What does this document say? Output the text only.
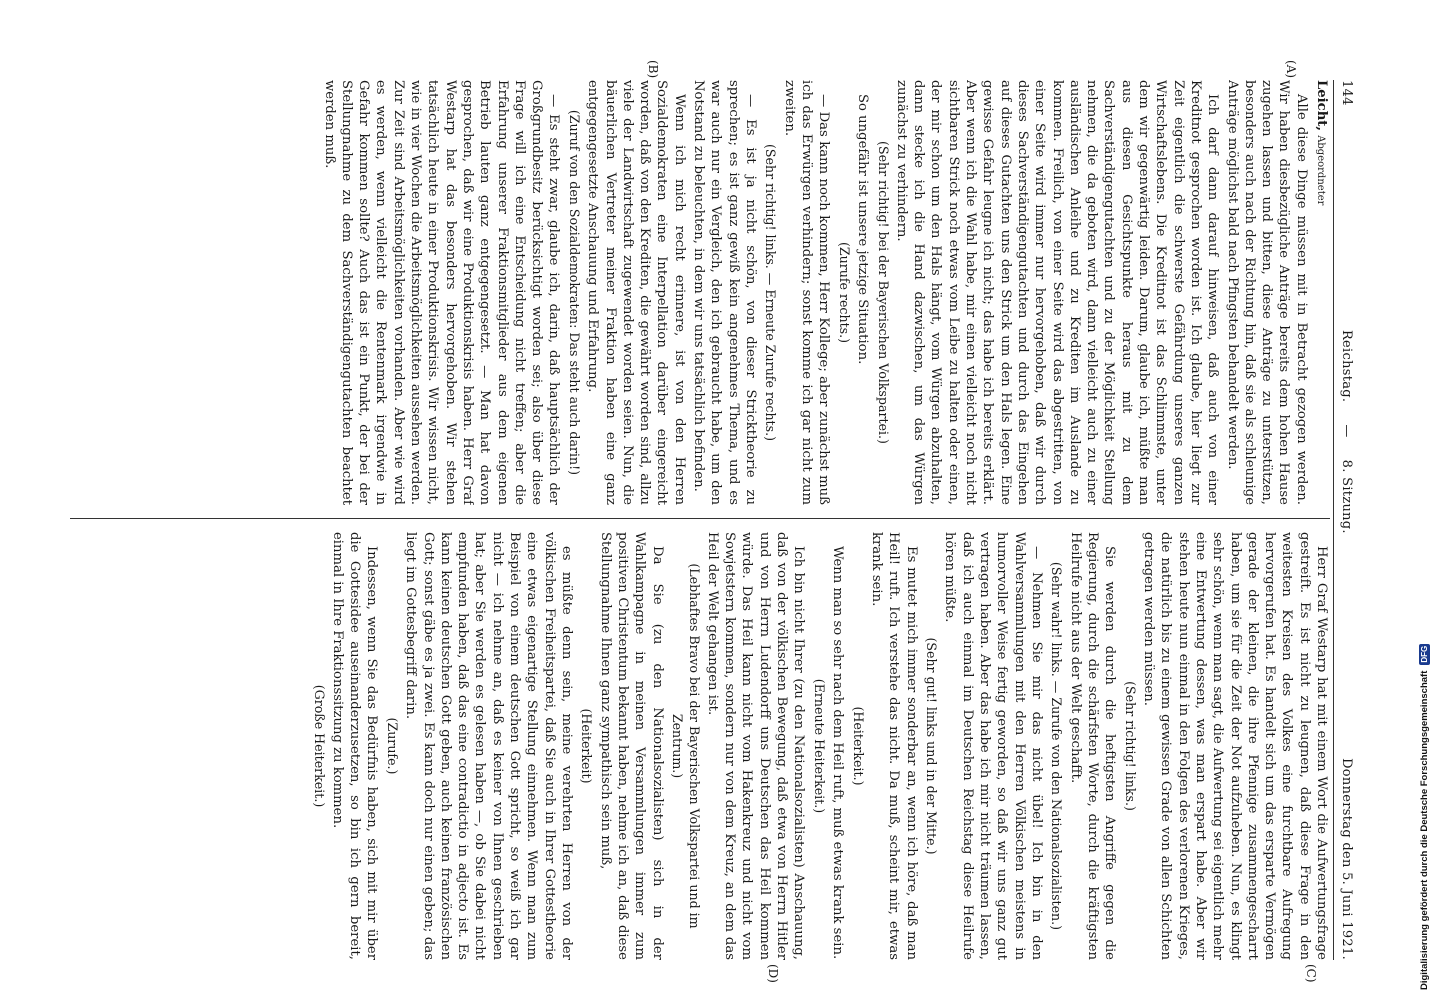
144
Reichstag.
—
8. Sitzung.
Donnerstag den 5. Juni 1921.
(A)
(B)
(C)
(D)

Leicht, Abgeordneter

Alle diese Dinge müssen mit in Betracht gezogen werden. Wir haben diesbezügliche Anträge bereits dem hohen Hause zugehen lassen und bitten, diese Anträge zu unterstützen, besonders auch nach der Richtung hin, daß sie als schleunige Anträge möglichst bald nach Pfingsten behandelt werden.

Ich darf dann darauf hinweisen, daß auch von einer Kreditnot gesprochen worden ist. Ich glaube, hier liegt zur Zeit eigentlich die schwerste Gefährdung unseres ganzen Wirtschaftslebens. Die Kreditnot ist das Schlimmste, unter dem wir gegenwärtig leiden. Darum, glaube ich, müßte man aus diesen Gesichtspunkte heraus mit zu dem Sachverständigengutachten und zu der Möglichkeit Stellung nehmen, die da geboten wird, dann vielleicht auch zu einer ausländischen Anleihe und zu Krediten im Auslande zu kommen. Freilich, von einer Seite wird das abgestritten, von einer Seite wird immer nur hervorgehoben, daß wir durch dieses Sachverständigengutachten und durch das Eingehen auf dieses Gutachten uns den Strick um den Hals legen. Eine gewisse Gefahr leugne ich nicht; das habe ich bereits erklärt. Aber wenn ich die Wahl habe, mir einen vielleicht noch nicht sichtbaren Strick noch etwas vom Leibe zu halten oder einen, der mir schon um den Hals hängt, vom Würgen abzuhalten, dann stecke ich die Hand dazwischen, um das Würgen zunächst zu verhindern.

(Sehr richtig! bei der Bayerischen Volkspartei.)

So ungefähr ist unsere jetzige Situation.

(Zurufe rechts.)

— Das kann noch kommen, Herr Kollege; aber zunächst muß ich das Erwürgen verhindern; sonst komme ich gar nicht zum zweiten.

(Sehr richtig! links. — Erneute Zurufe rechts.)

— Es ist ja nicht schön, von dieser Stricktheorie zu sprechen; es ist ganz gewiß kein angenehmes Thema, und es war auch nur ein Vergleich, den ich gebraucht habe, um den Notstand zu beleuchten, in dem wir uns tatsächlich befinden.

Wenn ich mich recht erinnere, ist von den Herren Sozialdemokraten eine Interpellation darüber eingereicht worden, daß von den Krediten, die gewährt worden sind, allzu viele der Landwirtschaft zugewendet worden seien. Nun, die bäuerlichen Vertreter meiner Fraktion haben eine ganz entgegengesetzte Anschauung und Erfahrung.

(Zuruf von den Sozialdemokraten: Das steht auch darin!)

— Es steht zwar, glaube ich, darin, daß hauptsächlich der Großgrundbesitz berücksichtigt worden sei; also über diese Frage will ich eine Entscheidung nicht treffen; aber die Erfahrung unserer Fraktionsmitglieder aus dem eigenen Betrieb lauten ganz entgegengesetzt. — Man hat davon gesprochen, daß wir eine Produktionskrisis haben. Herr Graf Westarp hat das besonders hervorgehoben. Wir stehen tatsächlich heute in einer Produktionskrisis. Wir wissen nicht, wie in vier Wochen die Arbeitsmöglichkeiten aussehen werden. Zur Zeit sind Arbeitsmöglichkeiten vorhanden. Aber wie wird es werden, wenn vielleicht die Rentenmark irgendwie in Gefahr kommen sollte? Auch das ist ein Punkt, der bei der Stellungnahme zu dem Sachverständigengutachten beachtet werden muß.

Herr Graf Westarp hat mit einem Wort die Aufwertungsfrage gestreift. Es ist nicht zu leugnen, daß diese Frage in den weitesten Kreisen des Volkes eine furchtbare Aufregung hervorgerufen hat. Es handelt sich um das ersparte Vermögen gerade der kleinen, die ihre Pfennige zusammengescharrt haben, um sie für die Zeit der Not aufzuheben. Nun, es klingt sehr schön, wenn man sagt, die Aufwertung sei eigentlich mehr eine Entwertung dessen, was man erspart habe. Aber wir stehen heute nun einmal in den Folgen des verlorenen Krieges, die natürlich bis zu einem gewissen Grade von allen Schichten getragen werden müssen.

(Sehr richtig! links.)

Sie werden durch die heftigsten Angriffe gegen die Regierung, durch die schärfsten Worte, durch die kräftigsten Heilrufe nicht aus der Welt geschafft.

(Sehr wahr! links. — Zurufe von den Nationalsozialisten.)

— Nehmen Sie mir das nicht übel! Ich bin in den Wahlversammlungen mit den Herren Völkischen meistens in humorvoller Weise fertig geworden, so daß wir uns ganz gut vertragen haben. Aber das habe ich mir nicht träumen lassen, daß ich auch einmal im Deutschen Reichstag diese Heilrufe hören müßte.

(Sehr gut! links und in der Mitte.)

Es mutet mich immer sonderbar an, wenn ich höre, daß man Heil! ruft. Ich verstehe das nicht. Da muß, scheint mir, etwas krank sein.

(Heiterkeit.)

Wenn man so sehr nach dem Heil ruft, muß etwas krank sein.

(Erneute Heiterkeit.)

Ich bin nicht Ihrer (zu den Nationalsozialisten) Anschauung, daß von der völkischen Bewegung, daß etwa von Herrn Hitler und von Herrn Ludendorff uns Deutschen das Heil kommen würde. Das Heil kann nicht vom Hakenkreuz und nicht vom Sowjetstern kommen, sondern nur von dem Kreuz, an dem das Heil der Welt gehangen ist.

(Lebhaftes Bravo bei der Bayerischen Volkspartei und im Zentrum.)

Da Sie (zu den Nationalsozialisten) sich in der Wahlkampagne in meinen Versammlungen immer zum positiven Christentum bekannt haben, nehme ich an, daß diese Stellungnahme Ihnen ganz sympathisch sein muß,

(Heiterkeit)

es müßte denn sein, meine verehrten Herren von der völkischen Freiheitspartei, daß Sie auch in Ihrer Gottestheorie eine etwas eigenartige Stellung einnehmen. Wenn man zum Beispiel von einem deutschen Gott spricht, so weiß ich gar nicht — ich nehme an, daß es keiner von Ihnen geschrieben hat; aber Sie werden es gelesen haben —, ob Sie dabei nicht empfunden haben, daß das eine contradictio in adjecto ist. Es kann keinen deutschen Gott geben, auch keinen französischen Gott; sonst gäbe es ja zwei. Es kann doch nur einen geben; das liegt im Gottesbegriff darin.

(Zurufe.)

Indessen, wenn Sie das Bedürfnis haben, sich mit mir über die Gottesidee auseinanderzusetzen, so bin ich gern bereit, einmal in Ihre Fraktionssitzung zu kommen.

(Große Heiterkeit.)	Digitalisierung gefördert durch die Deutsche Forschungsgemeinschaft
DFG
